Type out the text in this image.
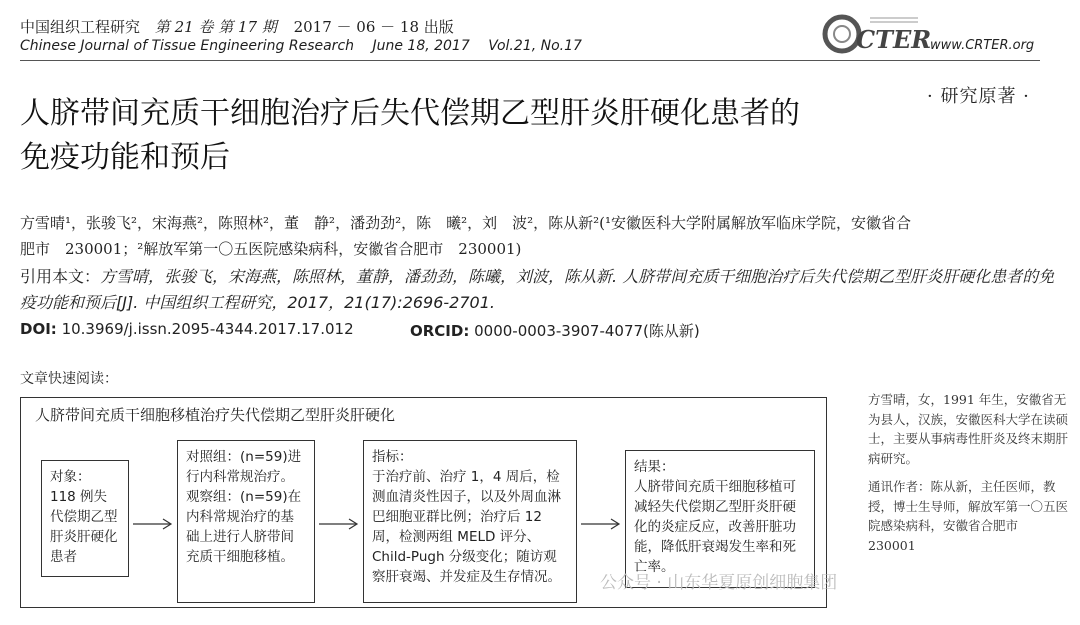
中国组织工程研究 第 21 卷 第 17 期 2017 － 06 － 18 出版
Chinese Journal of Tissue Engineering Research June 18, 2017 Vol.21, No.17	CTER
www.CRTER.org
· 研究原著 ·
人脐带间充质干细胞治疗后失代偿期乙型肝炎肝硬化患者的
免疫功能和预后
方雪晴¹，张骏飞²，宋海燕²，陈照林²，董　静²，潘劲劲²，陈　曦²，刘　波²，陈从新²(¹安徽医科大学附属解放军临床学院，安徽省合
肥市　230001；²解放军第一〇五医院感染病科，安徽省合肥市　230001)
引用本文：方雪晴，张骏飞，宋海燕，陈照林，董静，潘劲劲，陈曦，刘波，陈从新. 人脐带间充质干细胞治疗后失代偿期乙型肝炎肝硬化患者的免疫功能和预后[J]. 中国组织工程研究，2017，21(17):2696-2701.
DOI: 10.3969/j.issn.2095-4344.2017.17.012	ORCID: 0000-0003-3907-4077(陈从新)
文章快速阅读：
人脐带间充质干细胞移植治疗失代偿期乙型肝炎肝硬化
对象：
118 例失代偿期乙型肝炎肝硬化患者
对照组：(n=59)进行内科常规治疗。
观察组：(n=59)在内科常规治疗的基础上进行人脐带间充质干细胞移植。
指标：
于治疗前、治疗 1，4 周后，检测血清炎性因子，以及外周血淋巴细胞亚群比例；治疗后 12 周，检测两组 MELD 评分、Child-Pugh 分级变化；随访观察肝衰竭、并发症及生存情况。
结果：
人脐带间充质干细胞移植可减轻失代偿期乙型肝炎肝硬化的炎症反应，改善肝脏功能，降低肝衰竭发生率和死亡率。

方雪晴，女，1991 年生，安徽省无为县人，汉族，安徽医科大学在读硕士，主要从事病毒性肝炎及终末期肝病研究。

通讯作者：陈从新，主任医师，教授，博士生导师，解放军第一〇五医院感染病科，安徽省合肥市　230001

公众号 · 山东华夏原创细胞集团
